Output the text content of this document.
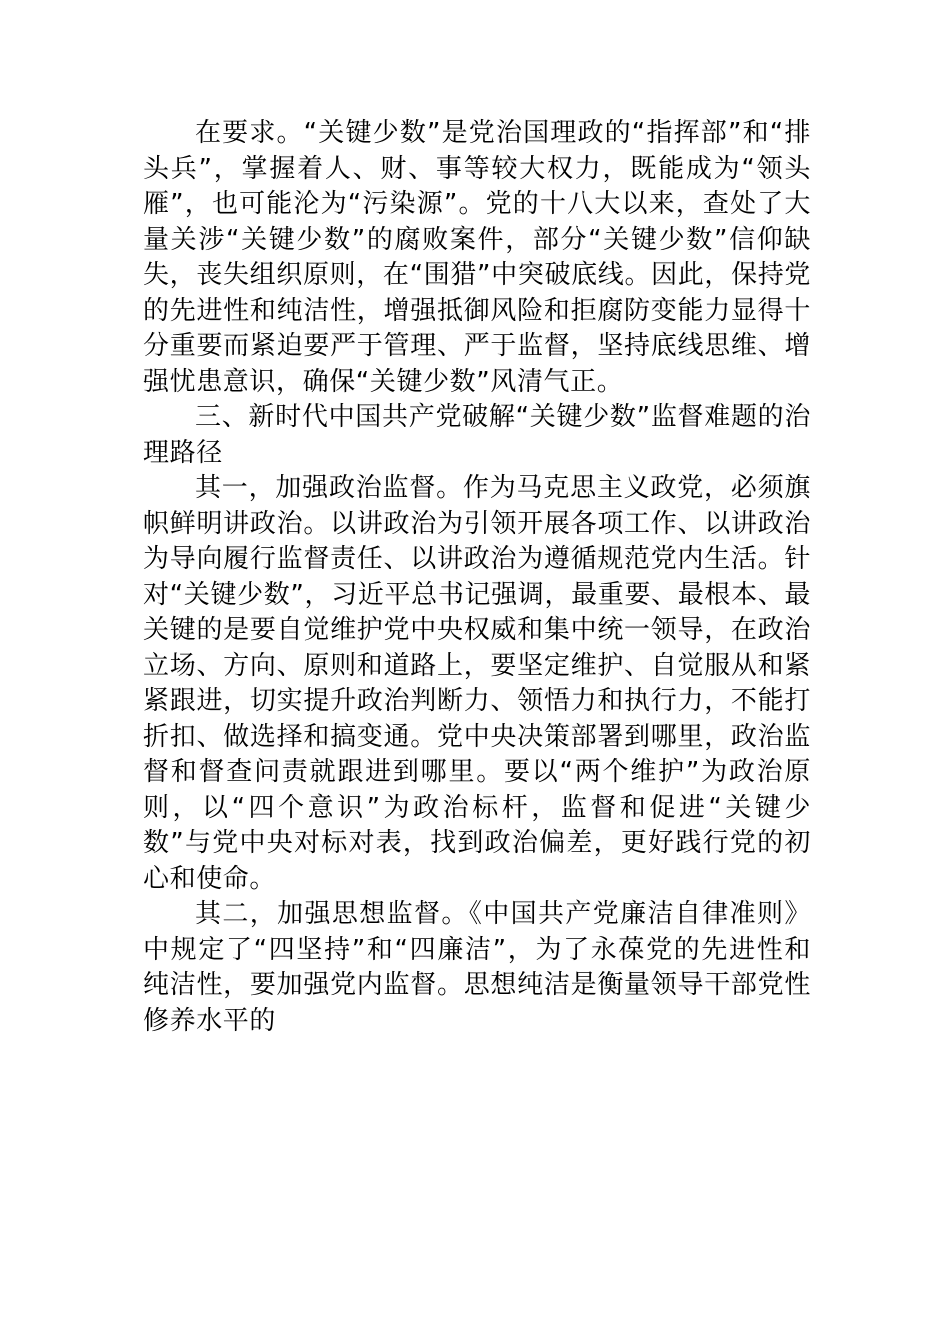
在要求。“关键少数”是党治国理政的“指挥部”和“排头兵”，掌握着人、财、事等较大权力，既能成为“领头雁”，也可能沦为“污染源”。党的十八大以来，查处了大量关涉“关键少数”的腐败案件，部分“关键少数”信仰缺失，丧失组织原则，在“围猎”中突破底线。因此，保持党的先进性和纯洁性，增强抵御风险和拒腐防变能力显得十分重要而紧迫要严于管理、严于监督，坚持底线思维、增强忧患意识，确保“关键少数”风清气正。

三、新时代中国共产党破解“关键少数”监督难题的治理路径

其一，加强政治监督。作为马克思主义政党，必须旗帜鲜明讲政治。以讲政治为引领开展各项工作、以讲政治为导向履行监督责任、以讲政治为遵循规范党内生活。针对“关键少数”，习近平总书记强调，最重要、最根本、最关键的是要自觉维护党中央权威和集中统一领导，在政治立场、方向、原则和道路上，要坚定维护、自觉服从和紧紧跟进，切实提升政治判断力、领悟力和执行力，不能打折扣、做选择和搞变通。党中央决策部署到哪里，政治监督和督查问责就跟进到哪里。要以“两个维护”为政治原则，以“四个意识”为政治标杆，监督和促进“关键少数”与党中央对标对表，找到政治偏差，更好践行党的初心和使命。

其二，加强思想监督。《中国共产党廉洁自律准则》中规定了“四坚持”和“四廉洁”，为了永葆党的先进性和纯洁性，要加强党内监督。思想纯洁是衡量领导干部党性修养水平的
